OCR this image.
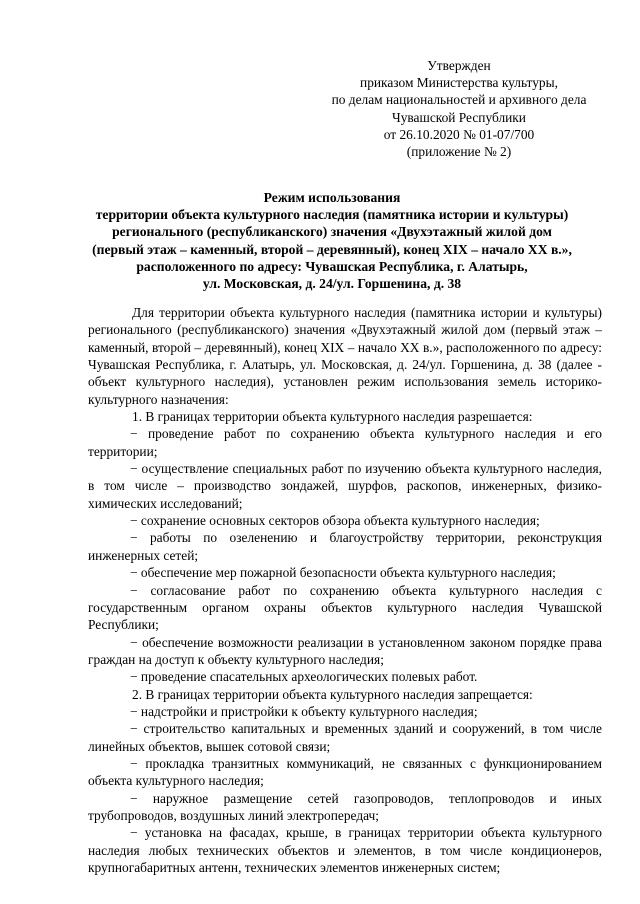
Утвержден
приказом Министерства культуры,
по делам национальностей и архивного дела
Чувашской Республики
от 26.10.2020 № 01-07/700
(приложение № 2)
Режим использования
территории объекта культурного наследия (памятника истории и культуры)
регионального (республиканского) значения «Двухэтажный жилой дом
(первый этаж – каменный, второй – деревянный), конец XIX – начало XX в.»,
расположенного по адресу: Чувашская Республика, г. Алатырь,
ул. Московская, д. 24/ул. Горшенина, д. 38

Для территории объекта культурного наследия (памятника истории и культуры) регионального (республиканского) значения «Двухэтажный жилой дом (первый этаж – каменный, второй – деревянный), конец XIX – начало XX в.», расположенного по адресу: Чувашская Республика, г. Алатырь, ул. Московская, д. 24/ул. Горшенина, д. 38 (далее - объект культурного наследия), установлен режим использования земель историко-культурного назначения:

1. В границах территории объекта культурного наследия разрешается:

− проведение работ по сохранению объекта культурного наследия и его территории;

− осуществление специальных работ по изучению объекта культурного наследия, в том числе – производство зондажей, шурфов, раскопов, инженерных, физико-химических исследований;

− сохранение основных секторов обзора объекта культурного наследия;

− работы по озеленению и благоустройству территории, реконструкция инженерных сетей;

− обеспечение мер пожарной безопасности объекта культурного наследия;

− согласование работ по сохранению объекта культурного наследия с государственным органом охраны объектов культурного наследия Чувашской Республики;

− обеспечение возможности реализации в установленном законом порядке права граждан на доступ к объекту культурного наследия;

− проведение спасательных археологических полевых работ.

2. В границах территории объекта культурного наследия запрещается:

− надстройки и пристройки к объекту культурного наследия;

− строительство капитальных и временных зданий и сооружений, в том числе линейных объектов, вышек сотовой связи;

− прокладка транзитных коммуникаций, не связанных с функционированием объекта культурного наследия;

− наружное размещение сетей газопроводов, теплопроводов и иных трубопроводов, воздушных линий электропередач;

− установка на фасадах, крыше, в границах территории объекта культурного наследия любых технических объектов и элементов, в том числе кондиционеров, крупногабаритных антенн, технических элементов инженерных систем;
